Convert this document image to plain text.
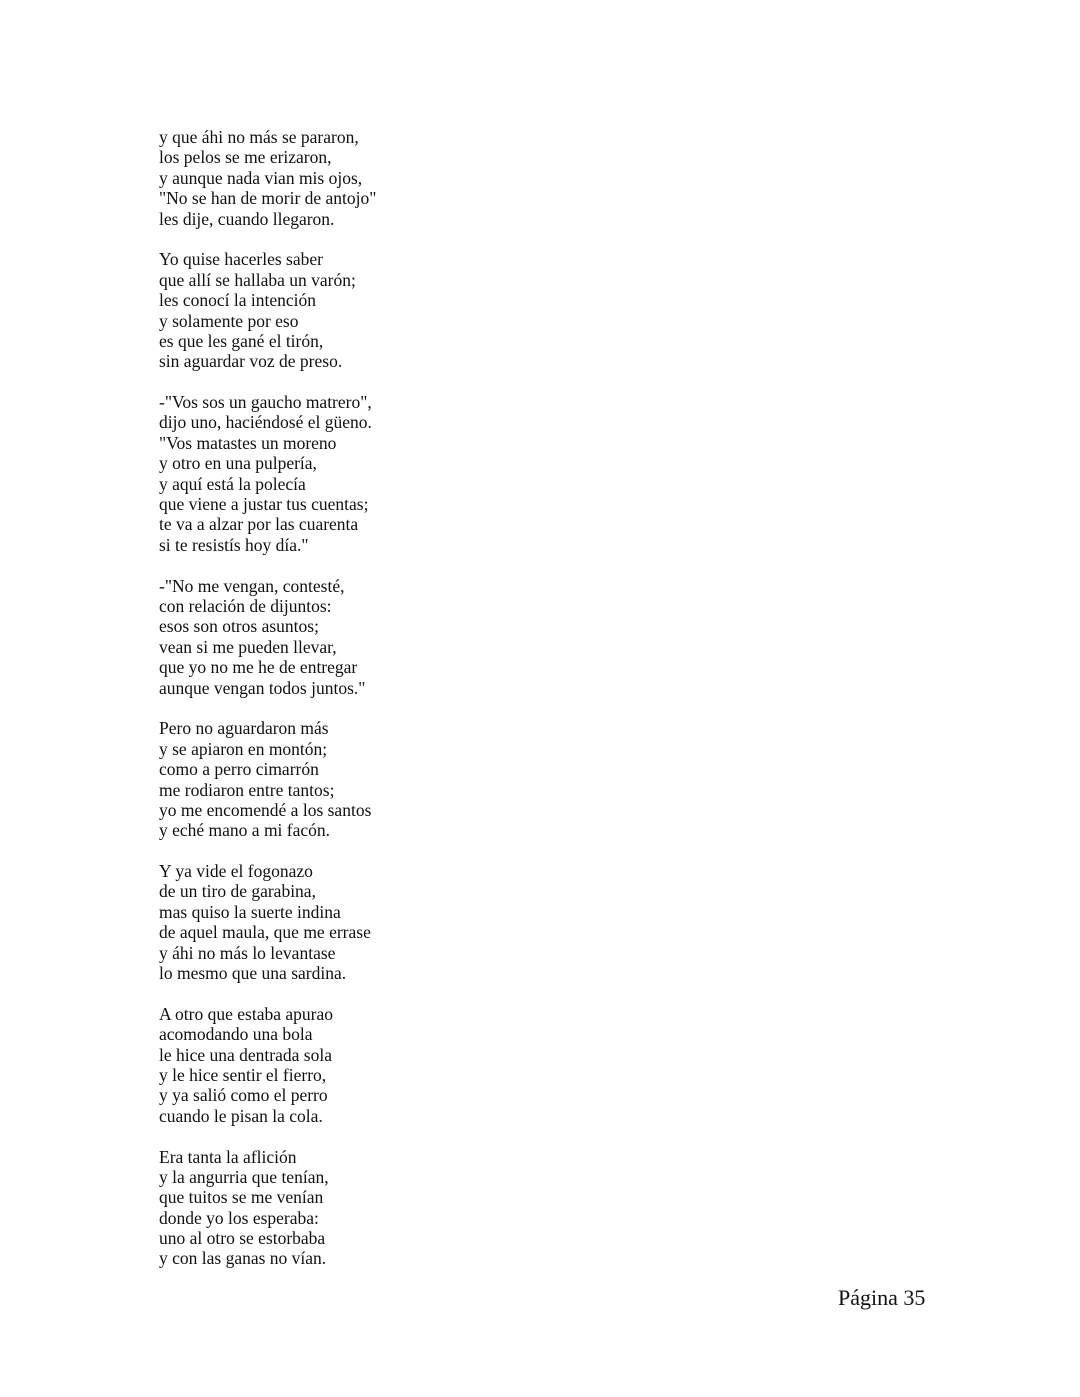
y que áhi no más se pararon,
los pelos se me erizaron,
y aunque nada vian mis ojos,
"No se han de morir de antojo"
les dije, cuando llegaron.
Yo quise hacerles saber
que allí se hallaba un varón;
les conocí la intención
y solamente por eso
es que les gané el tirón,
sin aguardar voz de preso.
-"Vos sos un gaucho matrero",
dijo uno, haciéndosé el güeno.
"Vos matastes un moreno
y otro en una pulpería,
y aquí está la polecía
que viene a justar tus cuentas;
te va a alzar por las cuarenta
si te resistís hoy día."
-"No me vengan, contesté,
con relación de dijuntos:
esos son otros asuntos;
vean si me pueden llevar,
que yo no me he de entregar
aunque vengan todos juntos."
Pero no aguardaron más
y se apiaron en montón;
como a perro cimarrón
me rodiaron entre tantos;
yo me encomendé a los santos
y eché mano a mi facón.
Y ya vide el fogonazo
de un tiro de garabina,
mas quiso la suerte indina
de aquel maula, que me errase
y áhi no más lo levantase
lo mesmo que una sardina.
A otro que estaba apurao
acomodando una bola
le hice una dentrada sola
y le hice sentir el fierro,
y ya salió como el perro
cuando le pisan la cola.
Era tanta la aflición
y la angurria que tenían,
que tuitos se me venían
donde yo los esperaba:
uno al otro se estorbaba
y con las ganas no vían.
Página 35
